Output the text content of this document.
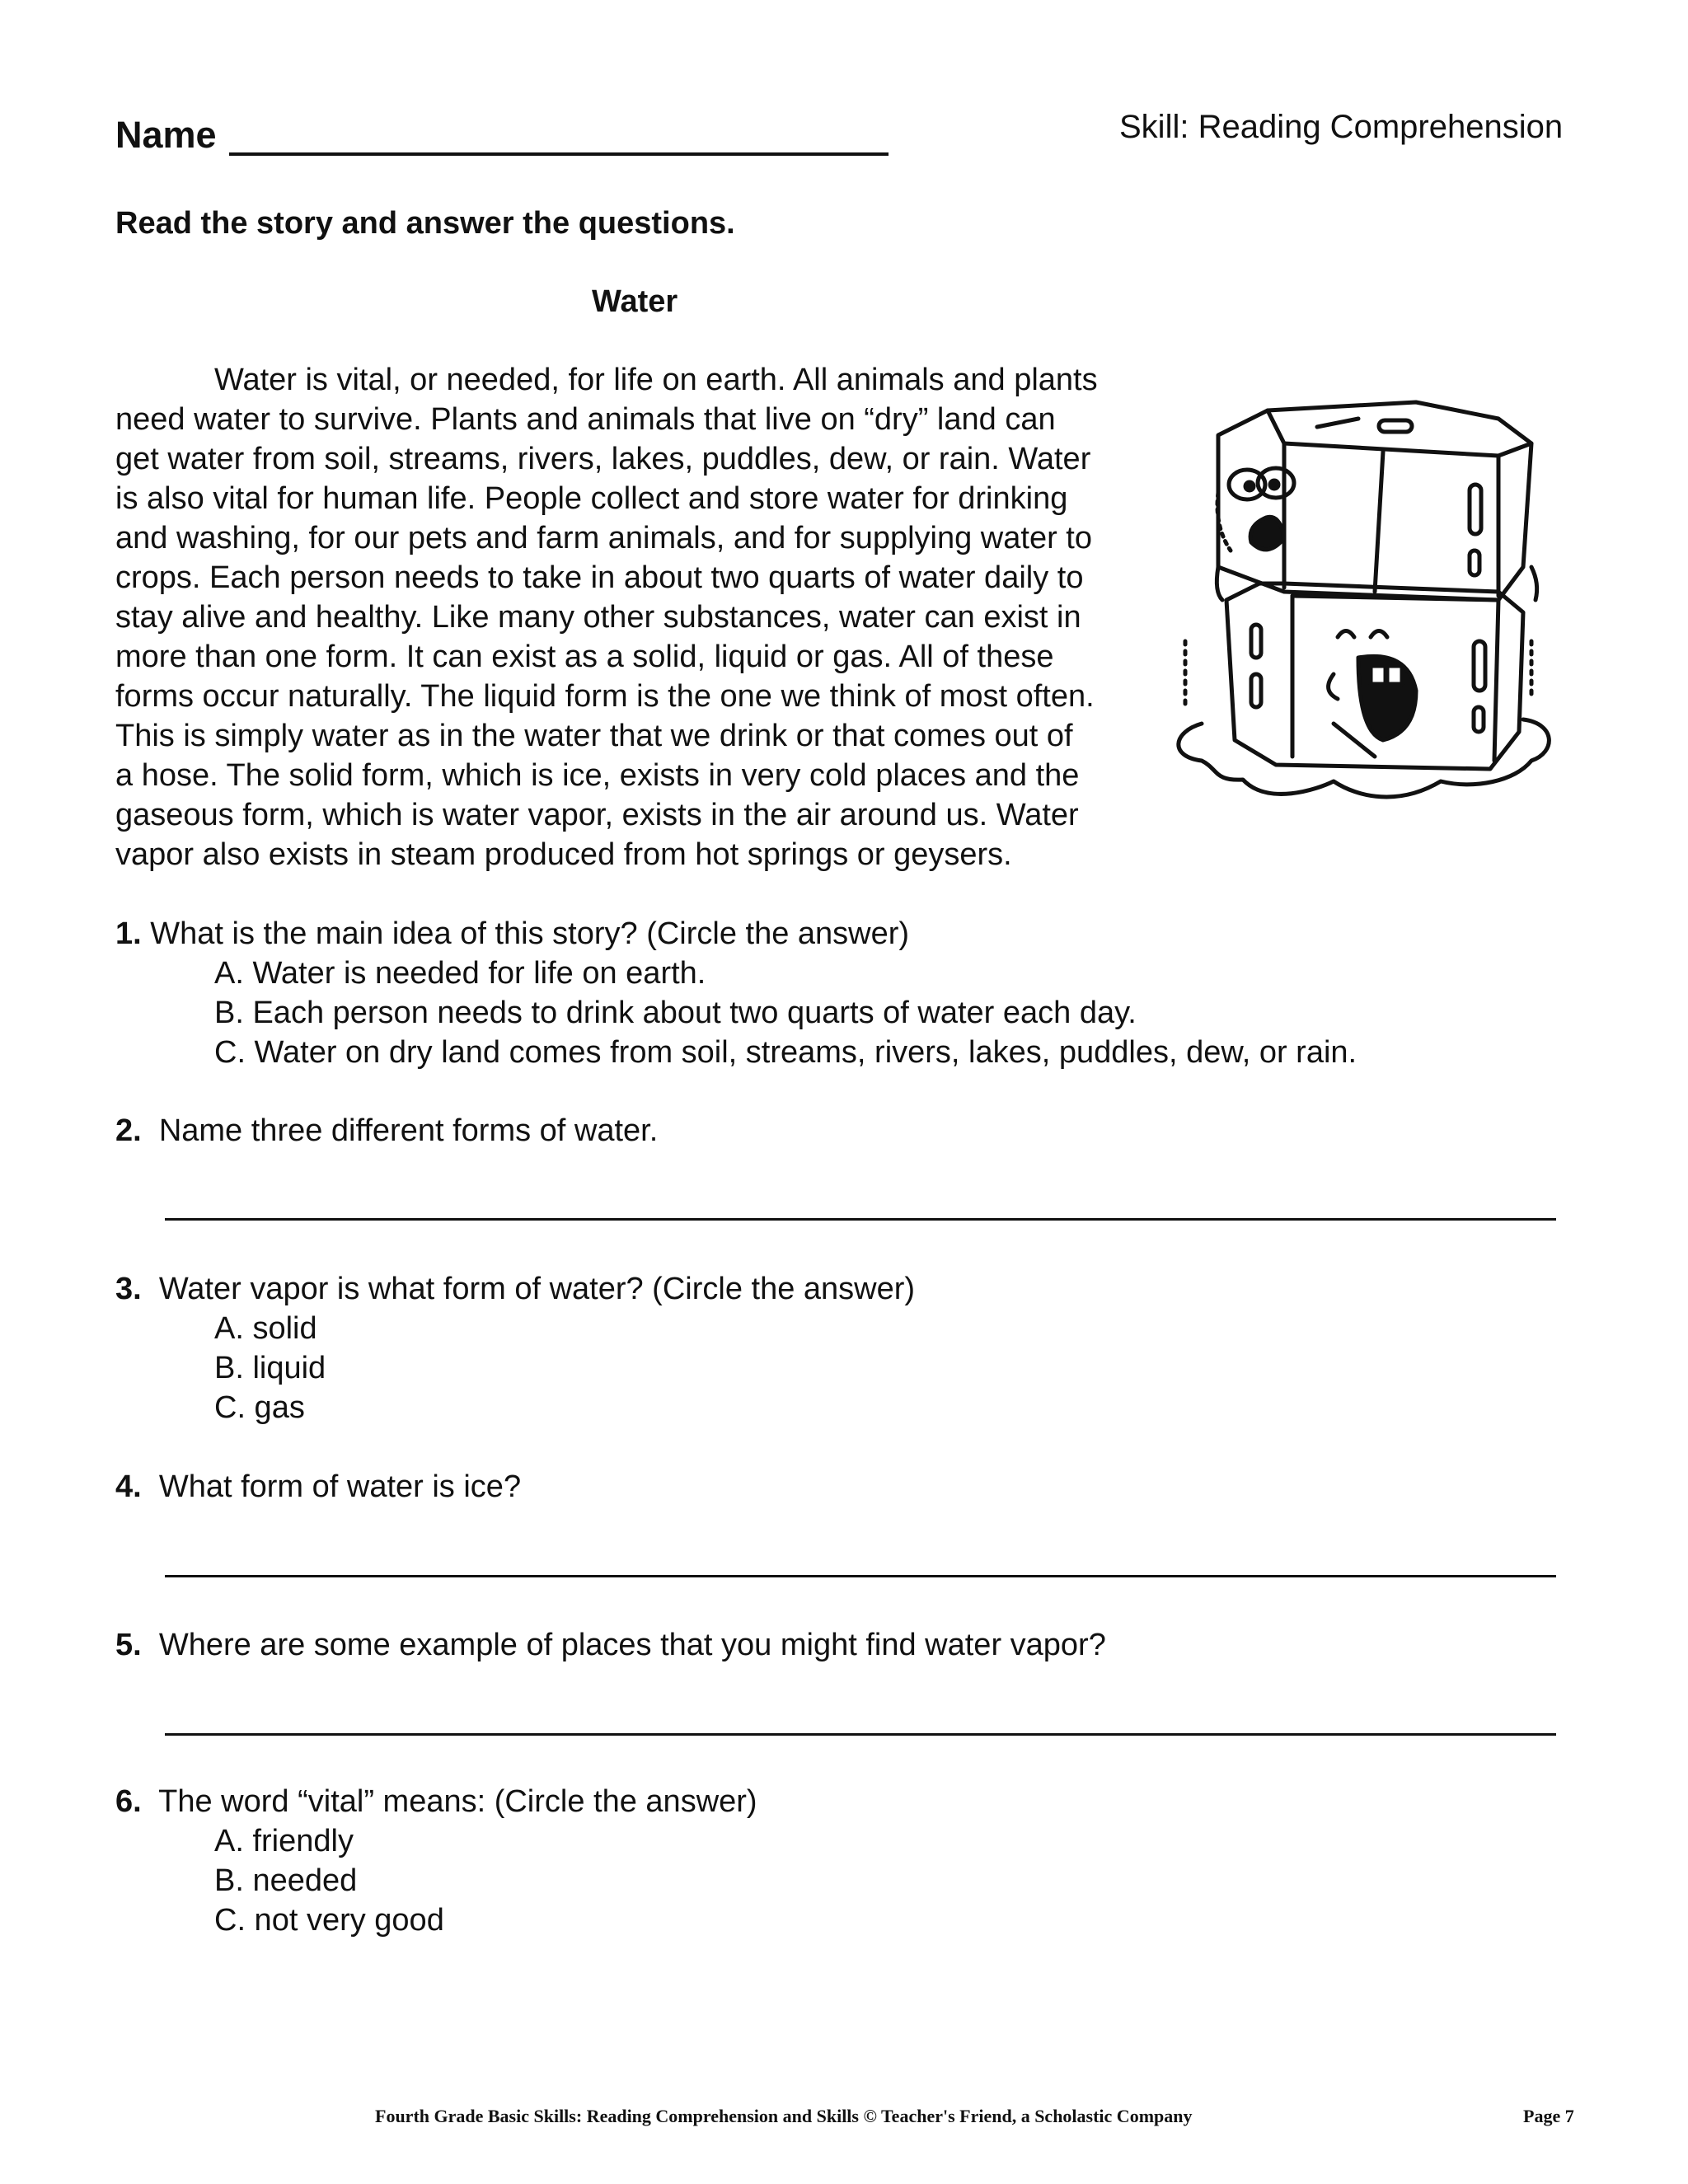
Name	Skill: Reading Comprehension
Read the story and answer the questions.
Water
Water is vital, or needed, for life on earth. All animals and plants
need water to survive. Plants and animals that live on “dry” land can
get water from soil, streams, rivers, lakes, puddles, dew, or rain. Water
is also vital for human life. People collect and store water for drinking
and washing, for our pets and farm animals, and for supplying water to
crops. Each person needs to take in about two quarts of water daily to
stay alive and healthy. Like many other substances, water can exist in
more than one form. It can exist as a solid, liquid or gas. All of these
forms occur naturally. The liquid form is the one we think of most often.
This is simply water as in the water that we drink or that comes out of
a hose. The solid form, which is ice, exists in very cold places and the
gaseous form, which is water vapor, exists in the air around us. Water
vapor also exists in steam produced from hot springs or geysers.
1. What is the main idea of this story? (Circle the answer)
A. Water is needed for life on earth.
B. Each person needs to drink about two quarts of water each day.
C. Water on dry land comes from soil, streams, rivers, lakes, puddles, dew, or rain.
2. Name three different forms of water.
3. Water vapor is what form of water? (Circle the answer)
A. solid
B. liquid
C. gas
4. What form of water is ice?
5. Where are some example of places that you might find water vapor?
6. The word “vital” means: (Circle the answer)
A. friendly
B. needed
C. not very good
Fourth Grade Basic Skills: Reading Comprehension and Skills © Teacher's Friend, a Scholastic Company	Page 7
